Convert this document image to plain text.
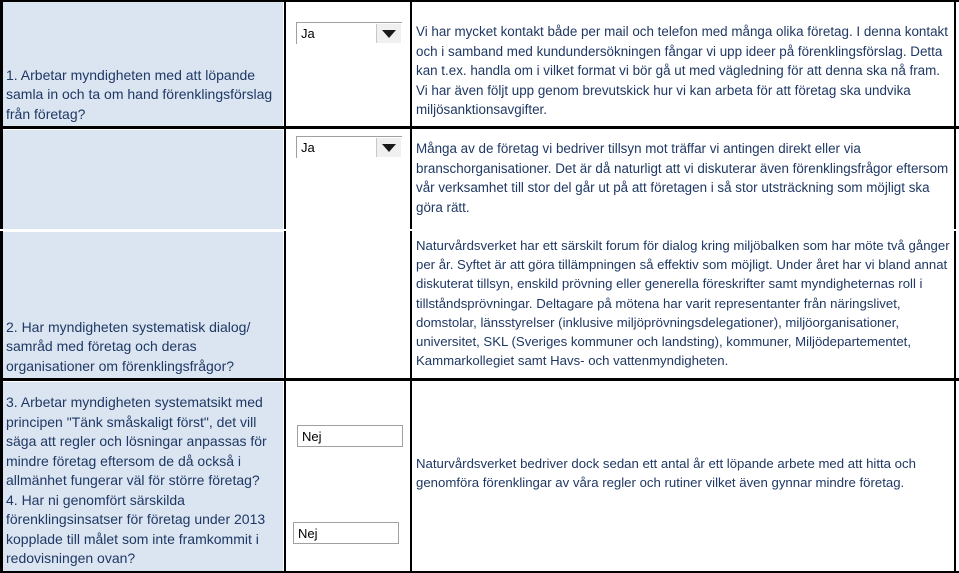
1. Arbetar myndigheten med att löpande samla in och ta om hand förenklingsförslag från företag?
2. Har myndigheten systematisk dialog/ samråd med företag och deras organisationer om förenklingsfrågor?
3. Arbetar myndigheten systematsikt med principen "Tänk småskaligt först", det vill säga att regler och lösningar anpassas för mindre företag eftersom de då också i allmänhet fungerar väl för större företag?
4. Har ni genomfört särskilda förenklingsinsatser för företag under 2013 kopplade till målet som inte framkommit i redovisningen ovan?
Ja
Ja
Nej
Nej
Vi har mycket kontakt både per mail och telefon med många olika företag. I denna kontakt och i samband med kundundersökningen fångar vi upp ideer på förenklingsförslag. Detta kan t.ex. handla om i vilket format vi bör gå ut med vägledning för att denna ska nå fram. Vi har även följt upp genom brevutskick hur vi kan arbeta för att företag ska undvika miljösanktionsavgifter.
Många av de företag vi bedriver tillsyn mot träffar vi antingen direkt eller via branschorganisationer. Det är då naturligt att vi diskuterar även förenklingsfrågor eftersom vår verksamhet till stor del går ut på att företagen i så stor utsträckning som möjligt ska göra rätt.
Naturvårdsverket har ett särskilt forum för dialog kring miljöbalken som har möte två gånger per år. Syftet är att göra tillämpningen så effektiv som möjligt. Under året har vi bland annat diskuterat tillsyn, enskild prövning eller generella föreskrifter samt myndigheternas roll i tillståndsprövningar. Deltagare på mötena har varit representanter från näringslivet, domstolar, länsstyrelser (inklusive miljöprövningsdelegationer), miljöorganisationer, universitet, SKL (Sveriges kommuner och landsting), kommuner, Miljödepartementet, Kammarkollegiet samt Havs- och vattenmyndigheten.
Naturvårdsverket bedriver dock sedan ett antal år ett löpande arbete med att hitta och genomföra förenklingar av våra regler och rutiner vilket även gynnar mindre företag.
